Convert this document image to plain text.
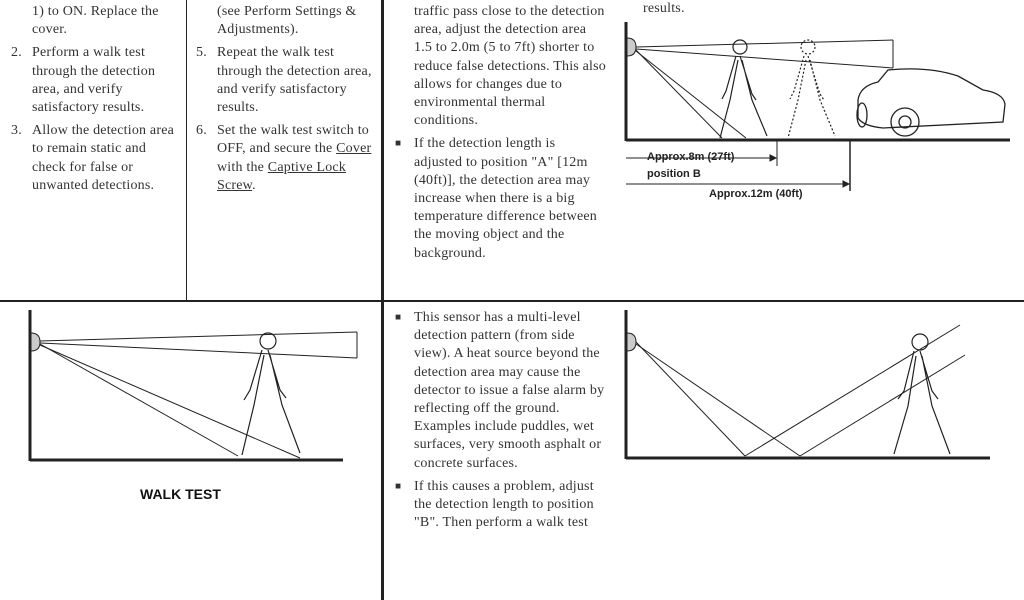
1) to ON. Replace the cover.
2. Perform a walk test through the detection area, and verify satisfactory results.
3. Allow the detection area to remain static and check for false or unwanted detections.
(see Perform Settings & Adjustments).
5. Repeat the walk test through the detection area, and verify satisfactory results.
6. Set the walk test switch to OFF, and secure the Cover with the Captive Lock Screw.
traffic pass close to the detection area, adjust the detection area 1.5 to 2.0m (5 to 7ft) shorter to reduce false detections. This also allows for changes due to environmental thermal conditions.
■ If the detection length is adjusted to position "A" [12m (40ft)], the detection area may increase when there is a big temperature difference between the moving object and the background.
■ This sensor has a multi-level detection pattern (from side view). A heat source beyond the detection area may cause the detector to issue a false alarm by reflecting off the ground. Examples include puddles, wet surfaces, very smooth asphalt or concrete surfaces.
■ If this causes a problem, adjust the detection length to position "B". Then perform a walk test
results.
Approx.8m (27ft)
position B
Approx.12m (40ft)
WALK TEST
